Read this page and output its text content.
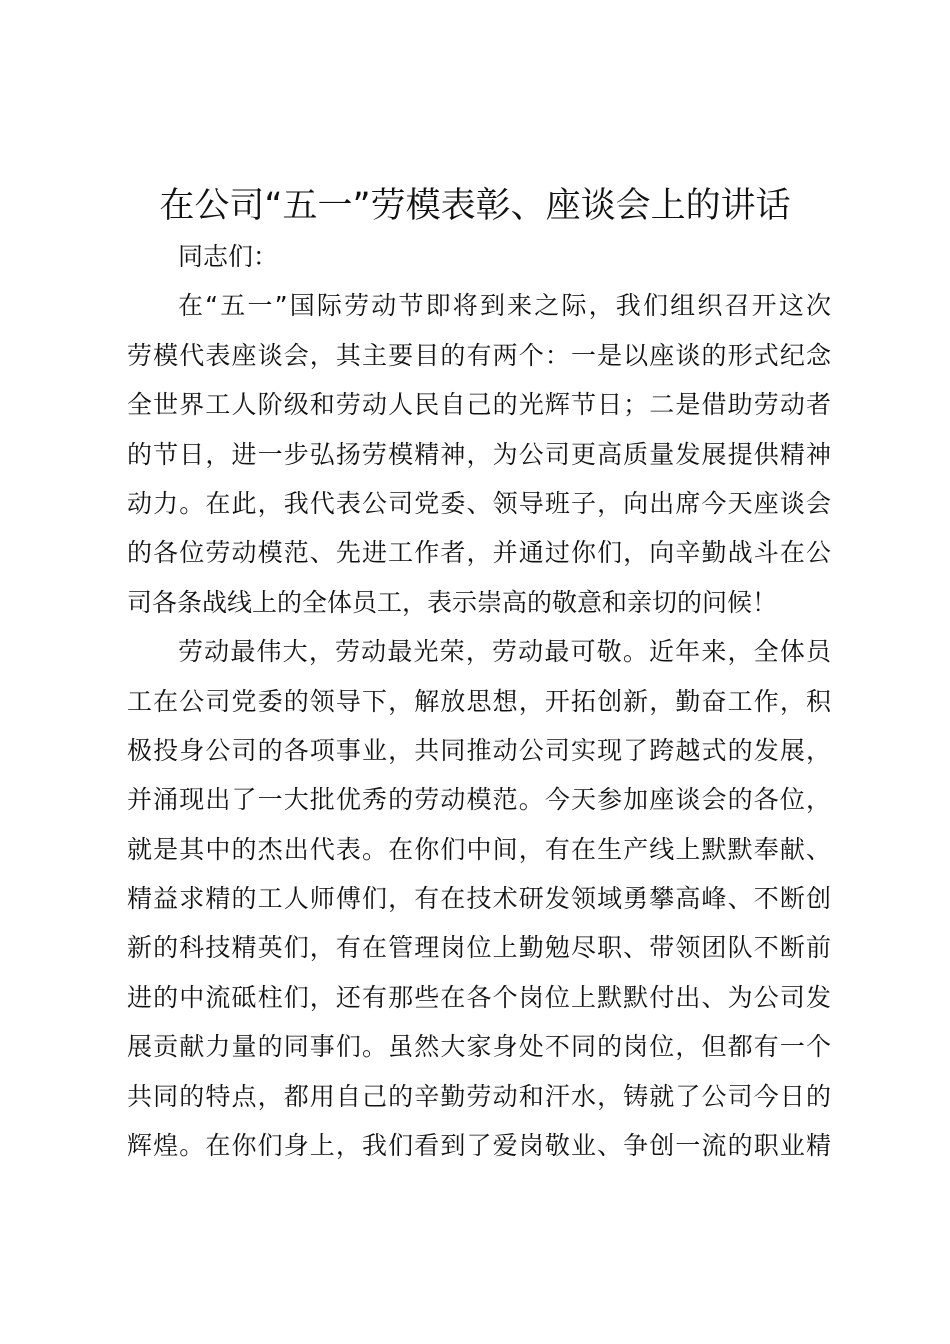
在公司“五一”劳模表彰、座谈会上的讲话
同志们：
在“五一”国际劳动节即将到来之际，我们组织召开这次
劳模代表座谈会，其主要目的有两个：一是以座谈的形式纪念
全世界工人阶级和劳动人民自己的光辉节日；二是借助劳动者
的节日，进一步弘扬劳模精神，为公司更高质量发展提供精神
动力。在此，我代表公司党委、领导班子，向出席今天座谈会
的各位劳动模范、先进工作者，并通过你们，向辛勤战斗在公
司各条战线上的全体员工，表示崇高的敬意和亲切的问候！
劳动最伟大，劳动最光荣，劳动最可敬。近年来，全体员
工在公司党委的领导下，解放思想，开拓创新，勤奋工作，积
极投身公司的各项事业，共同推动公司实现了跨越式的发展，
并涌现出了一大批优秀的劳动模范。今天参加座谈会的各位，
就是其中的杰出代表。在你们中间，有在生产线上默默奉献、
精益求精的工人师傅们，有在技术研发领域勇攀高峰、不断创
新的科技精英们，有在管理岗位上勤勉尽职、带领团队不断前
进的中流砥柱们，还有那些在各个岗位上默默付出、为公司发
展贡献力量的同事们。虽然大家身处不同的岗位，但都有一个
共同的特点，都用自己的辛勤劳动和汗水，铸就了公司今日的
辉煌。在你们身上，我们看到了爱岗敬业、争创一流的职业精
